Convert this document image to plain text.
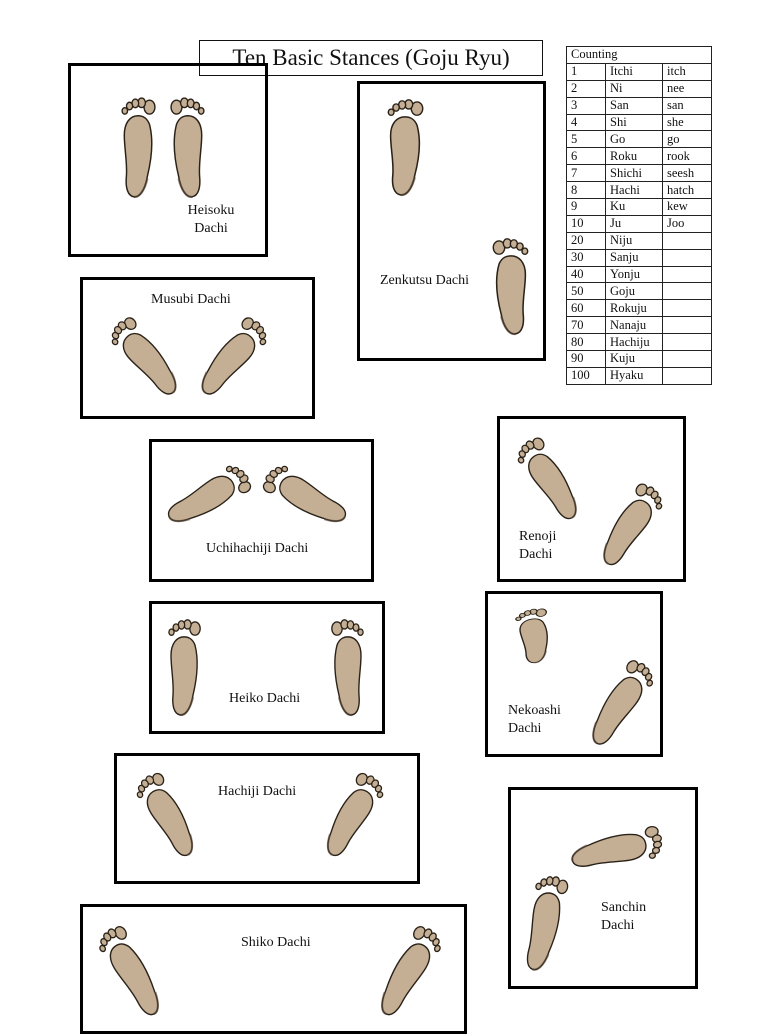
Ten Basic Stances (Goju Ryu)
Heisoku
Dachi
Musubi Dachi
Zenkutsu Dachi
Uchihachiji Dachi
Renoji
Dachi
Heiko Dachi
Nekoashi
Dachi
Hachiji Dachi
Sanchin
Dachi
Shiko Dachi
Counting		
1	Itchi	itch
2	Ni	nee
3	San	san
4	Shi	she
5	Go	go
6	Roku	rook
7	Shichi	seesh
8	Hachi	hatch
9	Ku	kew
10	Ju	Joo
20	Niju	
30	Sanju	
40	Yonju	
50	Goju	
60	Rokuju	
70	Nanaju	
80	Hachiju	
90	Kuju	
100	Hyaku	
